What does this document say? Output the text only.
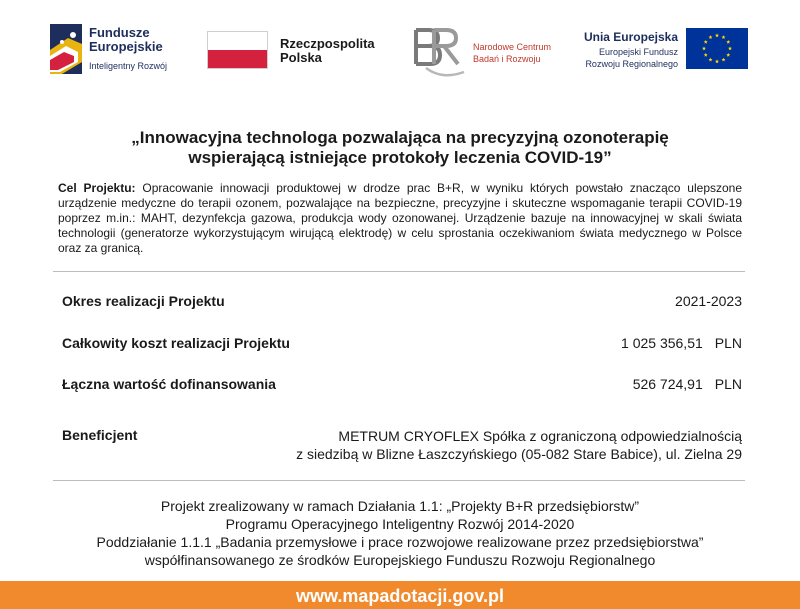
Fundusze
Europejskie
Inteligentny Rozwój
Rzeczpospolita
Polska
Narodowe Centrum
Badań i Rozwoju
Unia Europejska
Europejski Fundusz
Rozwoju Regionalnego
„Innowacyjna technologa pozwalająca na precyzyjną ozonoterapię
wspierającą istniejące protokoły leczenia COVID-19”
Cel Projektu: Opracowanie innowacji produktowej w drodze prac B+R, w wyniku których powstało znacząco ulepszone urządzenie medyczne do terapii ozonem, pozwalające na bezpieczne, precyzyjne i skuteczne wspomaganie terapii COVID-19 poprzez m.in.: MAHT, dezynfekcja gazowa, produkcja wody ozonowanej. Urządzenie bazuje na innowacyjnej w skali świata technologii (generatorze wykorzystującym wirującą elektrodę) w celu sprostania oczekiwaniom świata medycznego w Polsce oraz za granicą.
Okres realizacji Projektu	2021-2023
Całkowity koszt realizacji Projektu	1 025 356,51 PLN
Łączna wartość dofinansowania	526 724,91 PLN
Beneficjent	METRUM CRYOFLEX Spółka z ograniczoną odpowiedzialnością
z siedzibą w Blizne Łaszczyńskiego (05-082 Stare Babice), ul. Zielna 29
Projekt zrealizowany w ramach Działania 1.1: „Projekty B+R przedsiębiorstw”
Programu Operacyjnego Inteligentny Rozwój 2014-2020
Poddziałanie 1.1.1 „Badania przemysłowe i prace rozwojowe realizowane przez przedsiębiorstwa”
współfinansowanego ze środków Europejskiego Funduszu Rozwoju Regionalnego
www.mapadotacji.gov.pl
